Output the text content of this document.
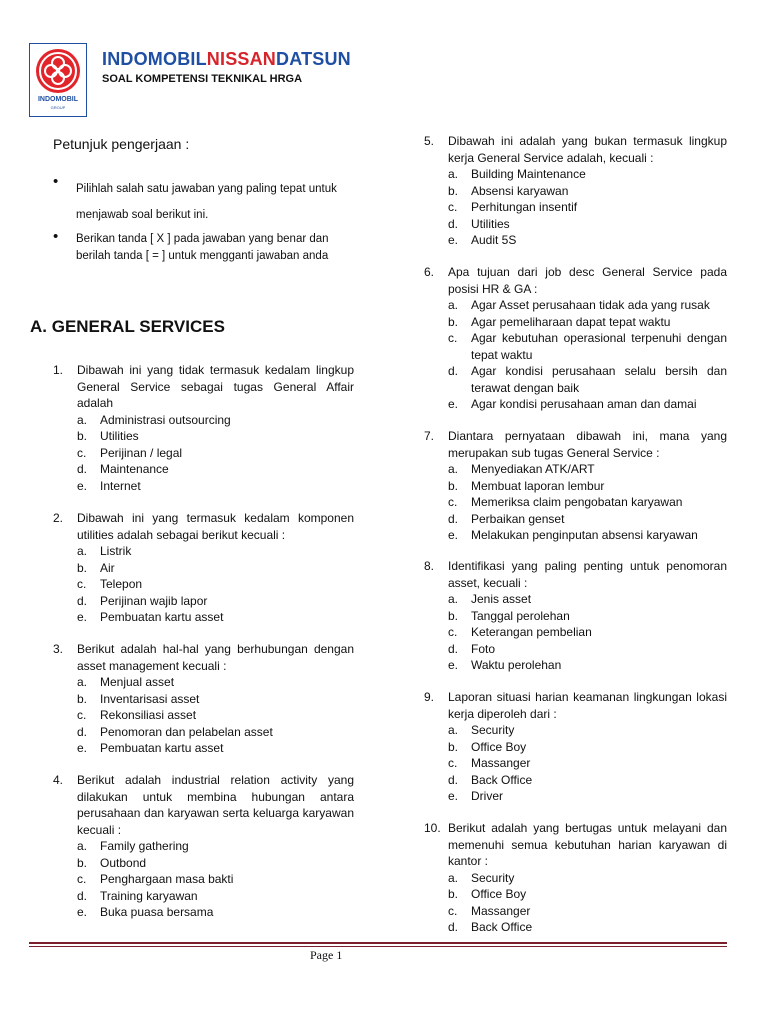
INDOMOBIL
GROUP
INDOMOBILNISSANDATSUN
SOAL KOMPETENSI TEKNIKAL HRGA
Petunjuk pengerjaan :
• Pilihlah salah satu jawaban yang paling tepat untuk menjawab soal berikut ini.
• Berikan tanda [ X ] pada jawaban yang benar dan berilah tanda [ = ] untuk mengganti jawaban anda
A. GENERAL SERVICES
1. Dibawah ini yang tidak termasuk kedalam lingkup General Service sebagai tugas General Affair adalah
a. Administrasi outsourcing
b. Utilities
c. Perijinan / legal
d. Maintenance
e. Internet
2. Dibawah ini yang termasuk kedalam komponen utilities adalah sebagai berikut kecuali :
a. Listrik
b. Air
c. Telepon
d. Perijinan wajib lapor
e. Pembuatan kartu asset
3. Berikut adalah hal-hal yang berhubungan dengan asset management kecuali :
a. Menjual asset
b. Inventarisasi asset
c. Rekonsiliasi asset
d. Penomoran dan pelabelan asset
e. Pembuatan kartu asset
4. Berikut adalah industrial relation activity yang dilakukan untuk membina hubungan antara perusahaan dan karyawan serta keluarga karyawan kecuali :
a. Family gathering
b. Outbond
c. Penghargaan masa bakti
d. Training karyawan
e. Buka puasa bersama
5. Dibawah ini adalah yang bukan termasuk lingkup kerja General Service adalah, kecuali :
a. Building Maintenance
b. Absensi karyawan
c. Perhitungan insentif
d. Utilities
e. Audit 5S
6. Apa tujuan dari job desc General Service pada posisi HR & GA :
a. Agar Asset perusahaan tidak ada yang rusak
b. Agar pemeliharaan dapat tepat waktu
c. Agar kebutuhan operasional terpenuhi dengan tepat waktu
d. Agar kondisi perusahaan selalu bersih dan terawat dengan baik
e. Agar kondisi perusahaan aman dan damai
7. Diantara pernyataan dibawah ini, mana yang merupakan sub tugas General Service :
a. Menyediakan ATK/ART
b. Membuat laporan lembur
c. Memeriksa claim pengobatan karyawan
d. Perbaikan genset
e. Melakukan penginputan absensi karyawan
8. Identifikasi yang paling penting untuk penomoran asset, kecuali :
a. Jenis asset
b. Tanggal perolehan
c. Keterangan pembelian
d. Foto
e. Waktu perolehan
9. Laporan situasi harian keamanan lingkungan lokasi kerja diperoleh dari :
a. Security
b. Office Boy
c. Massanger
d. Back Office
e. Driver
10. Berikut adalah yang bertugas untuk melayani dan memenuhi semua kebutuhan harian karyawan di kantor :
a. Security
b. Office Boy
c. Massanger
d. Back Office
Page 1
